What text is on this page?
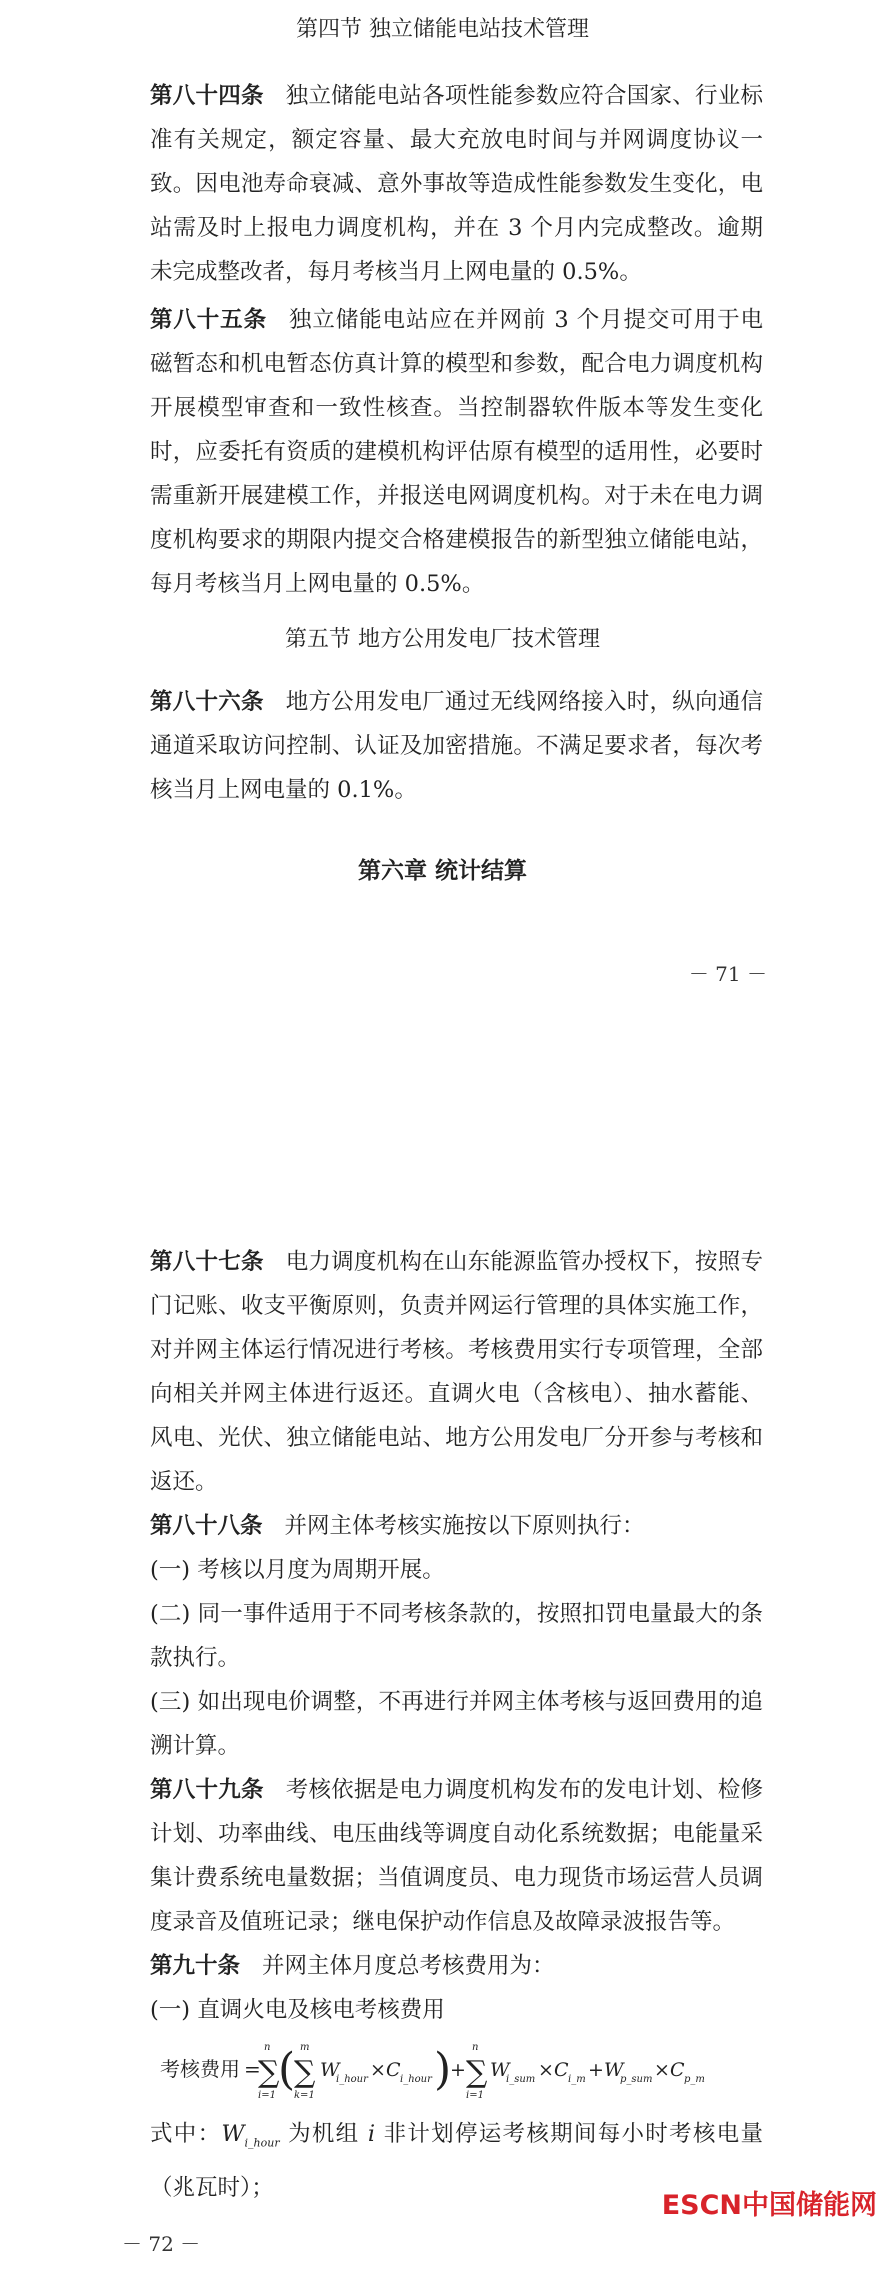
第四节 独立储能电站技术管理

第八十四条 独立储能电站各项性能参数应符合国家、行业标准有关规定，额定容量、最大充放电时间与并网调度协议一致。因电池寿命衰减、意外事故等造成性能参数发生变化，电站需及时上报电力调度机构，并在 3 个月内完成整改。逾期未完成整改者，每月考核当月上网电量的 0.5%。

第八十五条 独立储能电站应在并网前 3 个月提交可用于电磁暂态和机电暂态仿真计算的模型和参数，配合电力调度机构开展模型审查和一致性核查。当控制器软件版本等发生变化时，应委托有资质的建模机构评估原有模型的适用性，必要时需重新开展建模工作，并报送电网调度机构。对于未在电力调度机构要求的期限内提交合格建模报告的新型独立储能电站，每月考核当月上网电量的 0.5%。

第五节 地方公用发电厂技术管理

第八十六条 地方公用发电厂通过无线网络接入时，纵向通信通道采取访问控制、认证及加密措施。不满足要求者，每次考核当月上网电量的 0.1%。

第六章 统计结算

－ 71 －

第八十七条 电力调度机构在山东能源监管办授权下，按照专门记账、收支平衡原则，负责并网运行管理的具体实施工作，对并网主体运行情况进行考核。考核费用实行专项管理，全部向相关并网主体进行返还。直调火电（含核电）、抽水蓄能、风电、光伏、独立储能电站、地方公用发电厂分开参与考核和返还。

第八十八条 并网主体考核实施按以下原则执行：

(一) 考核以月度为周期开展。

(二) 同一事件适用于不同考核条款的，按照扣罚电量最大的条款执行。

(三) 如出现电价调整，不再进行并网主体考核与返回费用的追溯计算。

第八十九条 考核依据是电力调度机构发布的发电计划、检修计划、功率曲线、电压曲线等调度自动化系统数据；电能量采集计费系统电量数据；当值调度员、电力现货市场运营人员调度录音及值班记录；继电保护动作信息及故障录波报告等。

第九十条 并网主体月度总考核费用为：

(一) 直调火电及核电考核费用

考核费用 =
∑
n
i=1
(
∑
m
k=1
W
i_hour × C i_hour )
+ ∑
n
i=1
W
i_sum × C i_m + W
p_sum × C p_m

式中：$W_{i\_hour}$ 为机组 i 非计划停运考核期间每小时考核电量（兆瓦时）；

－ 72 －
ESCN中国储能网
